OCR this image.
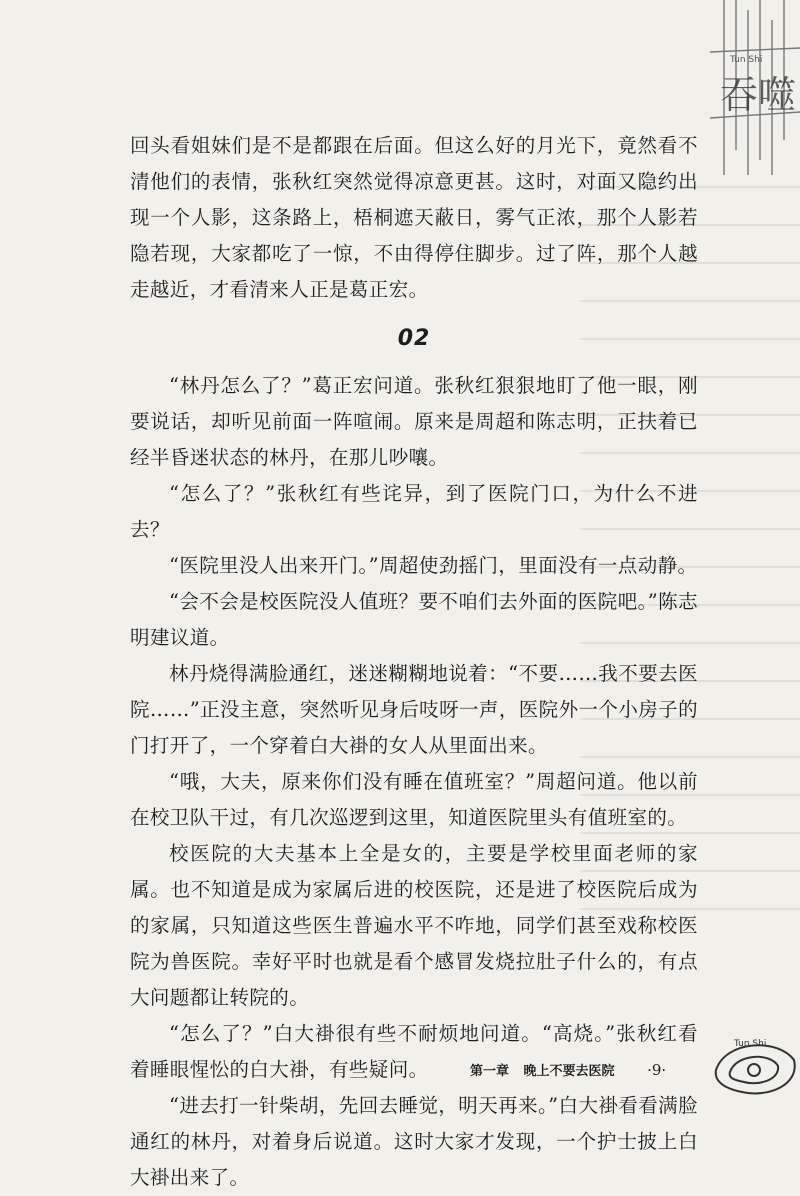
Tun Shi
吞噬

回头看姐妹们是不是都跟在后面。但这么好的月光下，竟然看不清他们的表情，张秋红突然觉得凉意更甚。这时，对面又隐约出现一个人影，这条路上，梧桐遮天蔽日，雾气正浓，那个人影若隐若现，大家都吃了一惊，不由得停住脚步。过了阵，那个人越走越近，才看清来人正是葛正宏。

02

“林丹怎么了？”葛正宏问道。张秋红狠狠地盯了他一眼，刚要说话，却听见前面一阵喧闹。原来是周超和陈志明，正扶着已经半昏迷状态的林丹，在那儿吵嚷。

“怎么了？”张秋红有些诧异，到了医院门口，为什么不进去？

“医院里没人出来开门。”周超使劲摇门，里面没有一点动静。

“会不会是校医院没人值班？要不咱们去外面的医院吧。”陈志明建议道。

林丹烧得满脸通红，迷迷糊糊地说着：“不要……我不要去医院……”正没主意，突然听见身后吱呀一声，医院外一个小房子的门打开了，一个穿着白大褂的女人从里面出来。

“哦，大夫，原来你们没有睡在值班室？”周超问道。他以前在校卫队干过，有几次巡逻到这里，知道医院里头有值班室的。

校医院的大夫基本上全是女的，主要是学校里面老师的家属。也不知道是成为家属后进的校医院，还是进了校医院后成为的家属，只知道这些医生普遍水平不咋地，同学们甚至戏称校医院为兽医院。幸好平时也就是看个感冒发烧拉肚子什么的，有点大问题都让转院的。

“怎么了？”白大褂很有些不耐烦地问道。“高烧。”张秋红看着睡眼惺忪的白大褂，有些疑问。

“进去打一针柴胡，先回去睡觉，明天再来。”白大褂看看满脸通红的林丹，对着身后说道。这时大家才发现，一个护士披上白大褂出来了。

第一章 晚上不要去医院 ·9·
Tun Shi
